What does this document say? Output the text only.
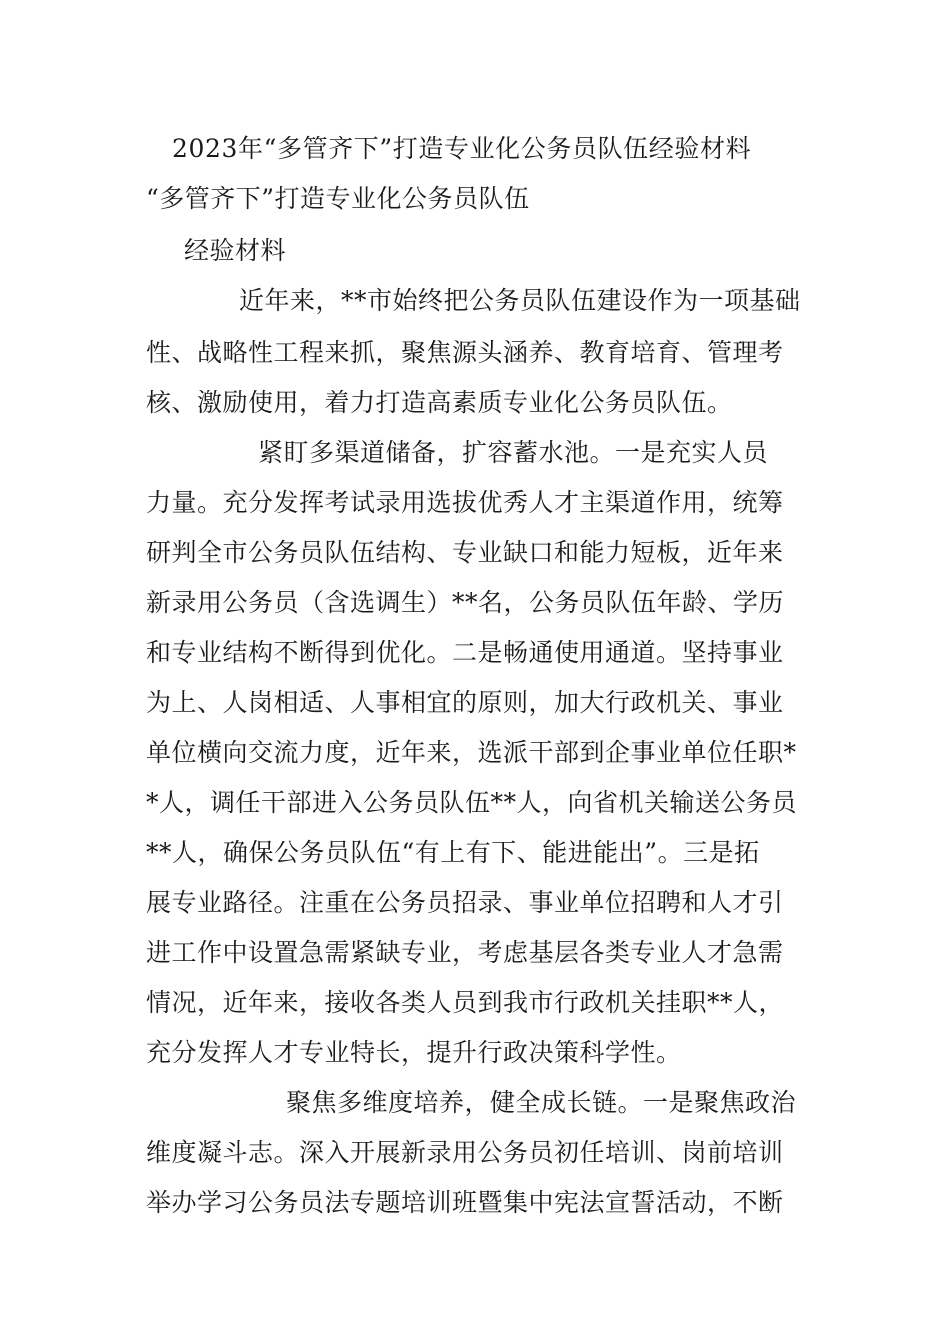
2023年“多管齐下”打造专业化公务员队伍经验材料
“多管齐下”打造专业化公务员队伍
经验材料
近年来，**市始终把公务员队伍建设作为一项基础
性、战略性工程来抓，聚焦源头涵养、教育培育、管理考
核、激励使用，着力打造高素质专业化公务员队伍。
紧盯多渠道储备，扩容蓄水池。一是充实人员
力量。充分发挥考试录用选拔优秀人才主渠道作用，统筹
研判全市公务员队伍结构、专业缺口和能力短板，近年来
新录用公务员（含选调生）**名，公务员队伍年龄、学历
和专业结构不断得到优化。二是畅通使用通道。坚持事业
为上、人岗相适、人事相宜的原则，加大行政机关、事业
单位横向交流力度，近年来，选派干部到企事业单位任职*
*人，调任干部进入公务员队伍**人，向省机关输送公务员
**人，确保公务员队伍“有上有下、能进能出”。三是拓
展专业路径。注重在公务员招录、事业单位招聘和人才引
进工作中设置急需紧缺专业，考虑基层各类专业人才急需
情况，近年来，接收各类人员到我市行政机关挂职**人，
充分发挥人才专业特长，提升行政决策科学性。
聚焦多维度培养，健全成长链。一是聚焦政治
维度凝斗志。深入开展新录用公务员初任培训、岗前培训
举办学习公务员法专题培训班暨集中宪法宣誓活动，不断
